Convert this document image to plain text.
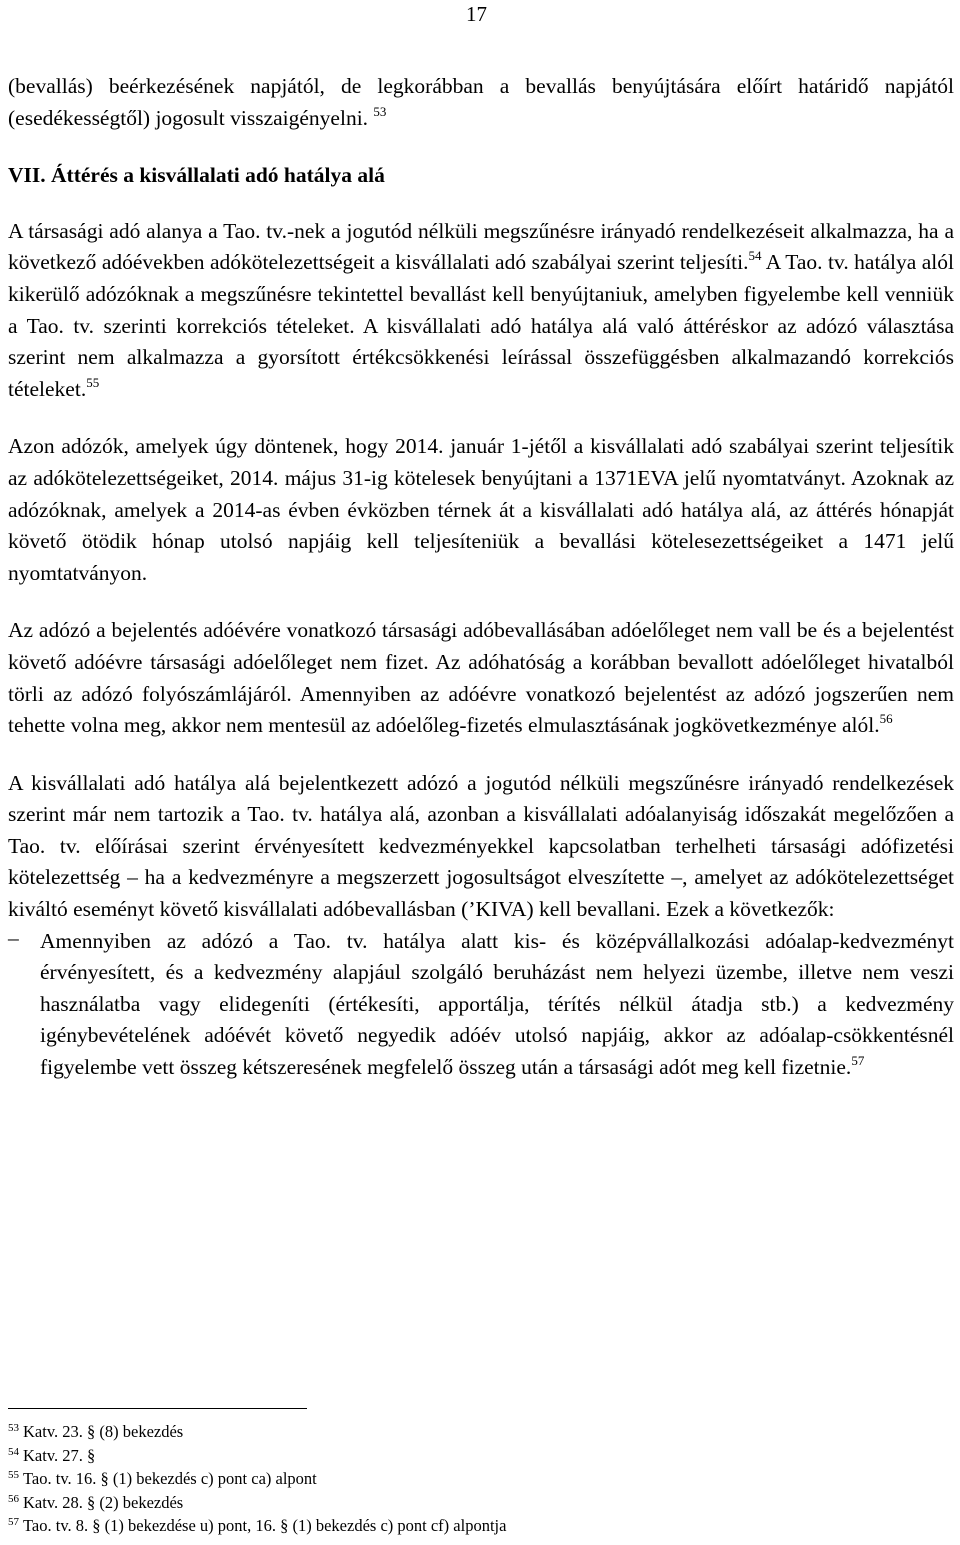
17

(bevallás) beérkezésének napjától, de legkorábban a bevallás benyújtására előírt határidő napjától (esedékességtől) jogosult visszaigényelni. $^{53}$

VII. Áttérés a kisvállalati adó hatálya alá

A társasági adó alanya a Tao. tv.-nek a jogutód nélküli megszűnésre irányadó rendelkezéseit alkalmazza, ha a következő adóévekben adókötelezettségeit a kisvállalati adó szabályai szerint teljesíti.$^{54}$ A Tao. tv. hatálya alól kikerülő adózóknak a megszűnésre tekintettel bevallást kell benyújtaniuk, amelyben figyelembe kell venniük a Tao. tv. szerinti korrekciós tételeket. A kisvállalati adó hatálya alá való áttéréskor az adózó választása szerint nem alkalmazza a gyorsított értékcsökkenési leírással összefüggésben alkalmazandó korrekciós tételeket.$^{55}$

Azon adózók, amelyek úgy döntenek, hogy 2014. január 1-jétől a kisvállalati adó szabályai szerint teljesítik az adókötelezettségeiket, 2014. május 31-ig kötelesek benyújtani a 1371EVA jelű nyomtatványt. Azoknak az adózóknak, amelyek a 2014-as évben évközben térnek át a kisvállalati adó hatálya alá, az áttérés hónapját követő ötödik hónap utolsó napjáig kell teljesíteniük a bevallási kötelesezettségeiket a 1471 jelű nyomtatványon.

Az adózó a bejelentés adóévére vonatkozó társasági adóbevallásában adóelőleget nem vall be és a bejelentést követő adóévre társasági adóelőleget nem fizet. Az adóhatóság a korábban bevallott adóelőleget hivatalból törli az adózó folyószámlájáról. Amennyiben az adóévre vonatkozó bejelentést az adózó jogszerűen nem tehette volna meg, akkor nem mentesül az adóelőleg-fizetés elmulasztásának jogkövetkezménye alól.$^{56}$

A kisvállalati adó hatálya alá bejelentkezett adózó a jogutód nélküli megszűnésre irányadó rendelkezések szerint már nem tartozik a Tao. tv. hatálya alá, azonban a kisvállalati adóalanyiság időszakát megelőzően a Tao. tv. előírásai szerint érvényesített kedvezményekkel kapcsolatban terhelheti társasági adófizetési kötelezettség ‒ ha a kedvezményre a megszerzett jogosultságot elveszítette ‒, amelyet az adókötelezettséget kiváltó eseményt követő kisvállalati adóbevallásban (’KIVA) kell bevallani. Ezek a következők:

‒ Amennyiben az adózó a Tao. tv. hatálya alatt kis- és középvállalkozási adóalap-kedvezményt érvényesített, és a kedvezmény alapjául szolgáló beruházást nem helyezi üzembe, illetve nem veszi használatba vagy elidegeníti (értékesíti, apportálja, térítés nélkül átadja stb.) a kedvezmény igénybevételének adóévét követő negyedik adóév utolsó napjáig, akkor az adóalap-csökkentésnél figyelembe vett összeg kétszeresének megfelelő összeg után a társasági adót meg kell fizetnie.$^{57}$

$^{53}$ Katv. 23. § (8) bekezdés
$^{54}$ Katv. 27. §
$^{55}$ Tao. tv. 16. § (1) bekezdés c) pont ca) alpont
$^{56}$ Katv. 28. § (2) bekezdés
$^{57}$ Tao. tv. 8. § (1) bekezdése u) pont, 16. § (1) bekezdés c) pont cf) alpontja
